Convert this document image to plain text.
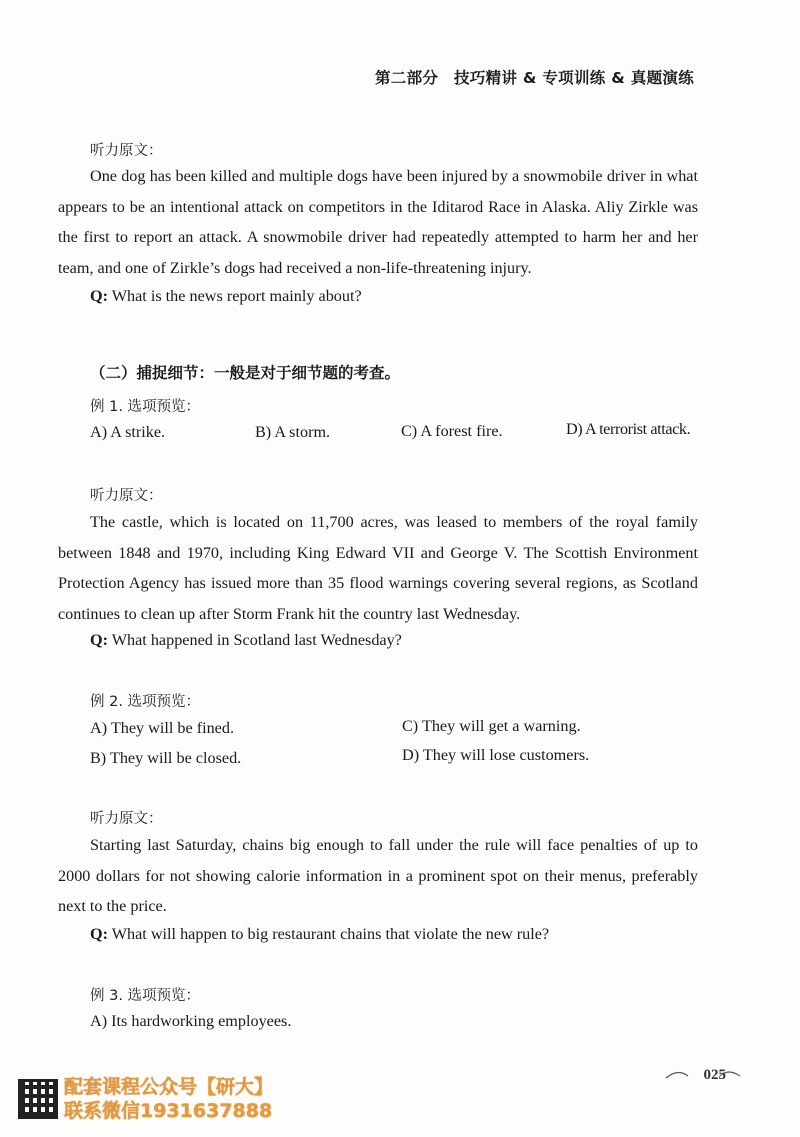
第二部分　技巧精讲 & 专项训练 & 真题演练
听力原文：
One dog has been killed and multiple dogs have been injured by a snowmobile driver in what appears to be an intentional attack on competitors in the Iditarod Race in Alaska. Aliy Zirkle was the first to report an attack. A snowmobile driver had repeatedly attempted to harm her and her team, and one of Zirkle’s dogs had received a non-life-threatening injury.
Q: What is the news report mainly about?
（二）捕捉细节：一般是对于细节题的考查。
例 1. 选项预览：
A) A strike.	B) A storm.	C) A forest fire.	D) A terrorist attack.
听力原文：
The castle, which is located on 11,700 acres, was leased to members of the royal family between 1848 and 1970, including King Edward VII and George V. The Scottish Environment Protection Agency has issued more than 35 flood warnings covering several regions, as Scotland continues to clean up after Storm Frank hit the country last Wednesday.
Q: What happened in Scotland last Wednesday?
例 2. 选项预览：
A) They will be fined.	C) They will get a warning.
B) They will be closed.	D) They will lose customers.
听力原文：
Starting last Saturday, chains big enough to fall under the rule will face penalties of up to 2000 dollars for not showing calorie information in a prominent spot on their menus, preferably next to the price.
Q: What will happen to big restaurant chains that violate the new rule?
例 3. 选项预览：
A) Its hardworking employees.
025
配套课程公众号【研大】
联系微信1931637888
